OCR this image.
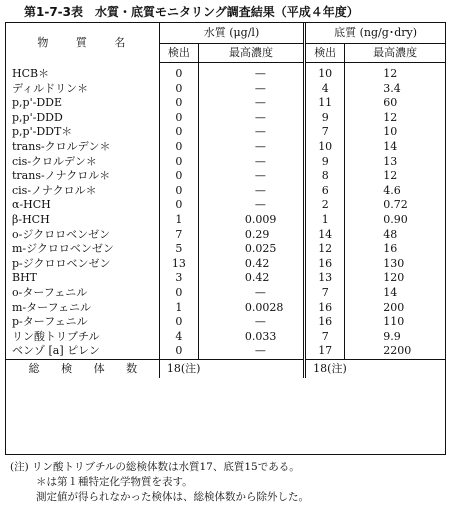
第1-7-3表　水質・底質モニタリング調査結果（平成４年度）
物 質 名	水質 (μg/l)		底質 (ng/g･dry)	
	検出	最高濃度	検出	最高濃度
HCB＊	0	—	10	12
ディルドリン＊	0	—	4	3.4
p,p'-DDE	0	—	11	60
p,p'-DDD	0	—	9	12
p,p'-DDT＊	0	—	7	10
trans-クロルデン＊	0	—	10	14
cis-クロルデン＊	0	—	9	13
trans-ノナクロル＊	0	—	8	12
cis-ノナクロル＊	0	—	6	4.6
α-HCH	0	—	2	0.72
β-HCH	1	0.009	1	0.90
o-ジクロロベンゼン	7	0.29	14	48
m-ジクロロベンゼン	5	0.025	12	16
p-ジクロロベンゼン	13	0.42	16	130
BHT	3	0.42	13	120
o-ターフェニル	0	—	7	14
m-ターフェニル	1	0.0028	16	200
p-ターフェニル	0	—	16	110
リン酸トリブチル	4	0.033	7	9.9
ベンゾ [a] ピレン	0	—	17	2200
総 検 体 数	18(注)		18(注)	
(注) リン酸トリブチルの総検体数は水質17、底質15である。
＊は第１種特定化学物質を表す。
測定値が得られなかった検体は、総検体数から除外した。
